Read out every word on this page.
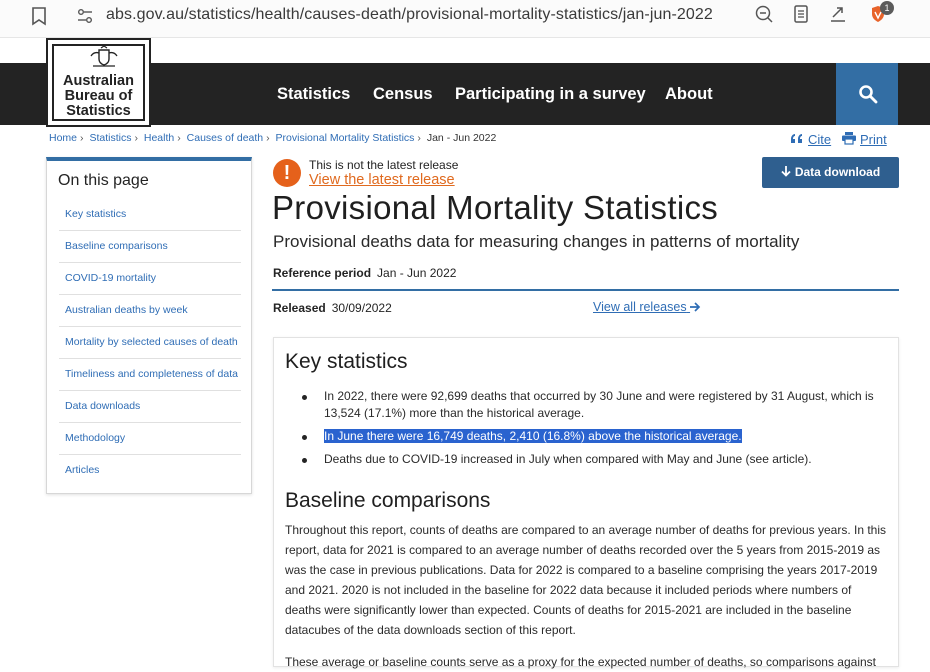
abs.gov.au/statistics/health/causes-death/provisional-mortality-statistics/jan-jun-2022	1
Statistics Census Participating in a survey About
Australian
Bureau of
Statistics
Home › Statistics › Health › Causes of death › Provisional Mortality Statistics › Jan - Jun 2022	Cite	Print
On this page
Key statistics
Baseline comparisons
COVID-19 mortality
Australian deaths by week
Mortality by selected causes of death
Timeliness and completeness of data
Data downloads
Methodology
Articles
!	This is not the latest release
View the latest release	Data download
Provisional Mortality Statistics
Provisional deaths data for measuring changes in patterns of mortality
Reference period Jan - Jun 2022
Released 30/09/2022	View all releases
Key statistics
In 2022, there were 92,699 deaths that occurred by 30 June and were registered by 31 August, which is 13,524 (17.1%) more than the historical average.
In June there were 16,749 deaths, 2,410 (16.8%) above the historical average.
Deaths due to COVID-19 increased in July when compared with May and June (see article).
Baseline comparisons
Throughout this report, counts of deaths are compared to an average number of deaths for previous years. In this report, data for 2021 is compared to an average number of deaths recorded over the 5 years from 2015-2019 as was the case in previous publications. Data for 2022 is compared to a baseline comprising the years 2017-2019 and 2021. 2020 is not included in the baseline for 2022 data because it included periods where numbers of deaths were significantly lower than expected. Counts of deaths for 2015-2021 are included in the baseline datacubes of the data downloads section of this report.
These average or baseline counts serve as a proxy for the expected number of deaths, so comparisons against
